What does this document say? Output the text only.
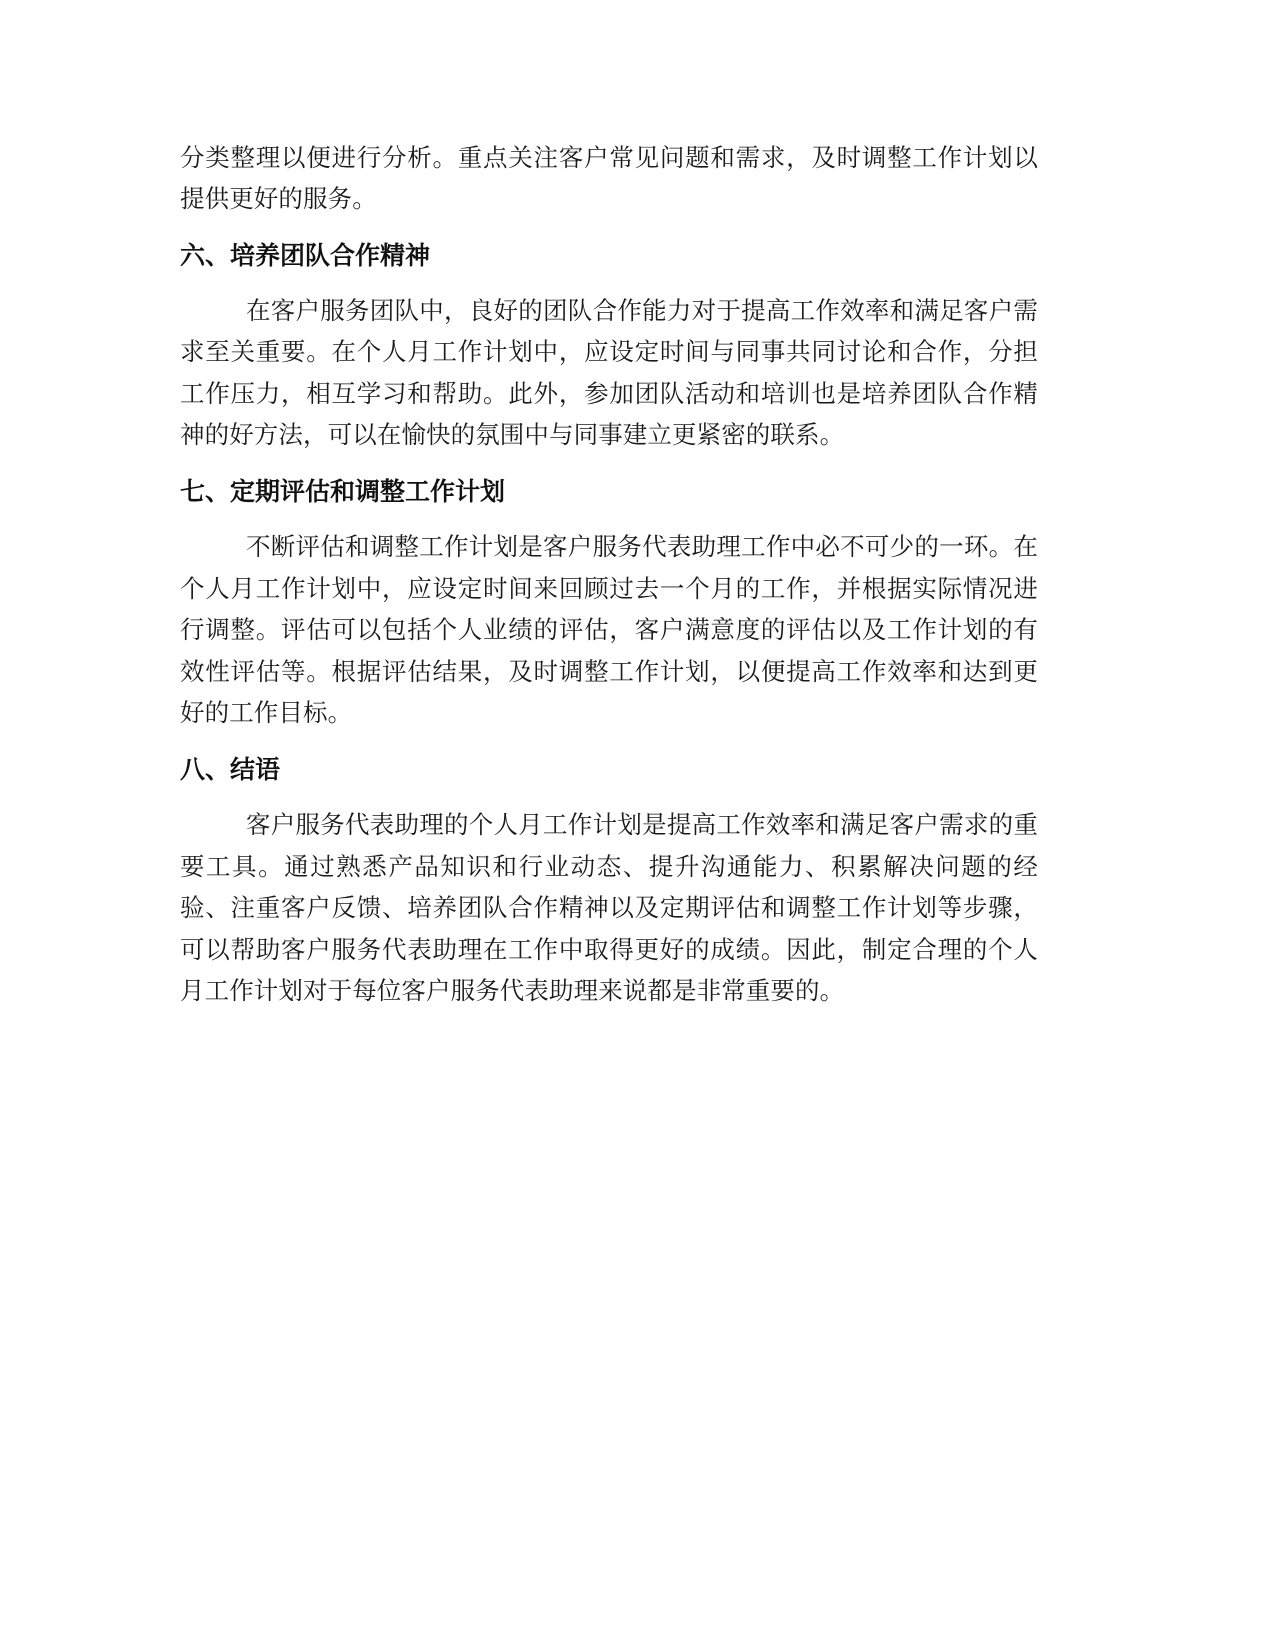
分类整理以便进行分析。重点关注客户常见问题和需求，及时调整工作计划以提供更好的服务。

六、培养团队合作精神

在客户服务团队中，良好的团队合作能力对于提高工作效率和满足客户需求至关重要。在个人月工作计划中，应设定时间与同事共同讨论和合作，分担工作压力，相互学习和帮助。此外，参加团队活动和培训也是培养团队合作精神的好方法，可以在愉快的氛围中与同事建立更紧密的联系。

七、定期评估和调整工作计划

不断评估和调整工作计划是客户服务代表助理工作中必不可少的一环。在个人月工作计划中，应设定时间来回顾过去一个月的工作，并根据实际情况进行调整。评估可以包括个人业绩的评估，客户满意度的评估以及工作计划的有效性评估等。根据评估结果，及时调整工作计划，以便提高工作效率和达到更好的工作目标。

八、结语

客户服务代表助理的个人月工作计划是提高工作效率和满足客户需求的重要工具。通过熟悉产品知识和行业动态、提升沟通能力、积累解决问题的经验、注重客户反馈、培养团队合作精神以及定期评估和调整工作计划等步骤，可以帮助客户服务代表助理在工作中取得更好的成绩。因此，制定合理的个人月工作计划对于每位客户服务代表助理来说都是非常重要的。
